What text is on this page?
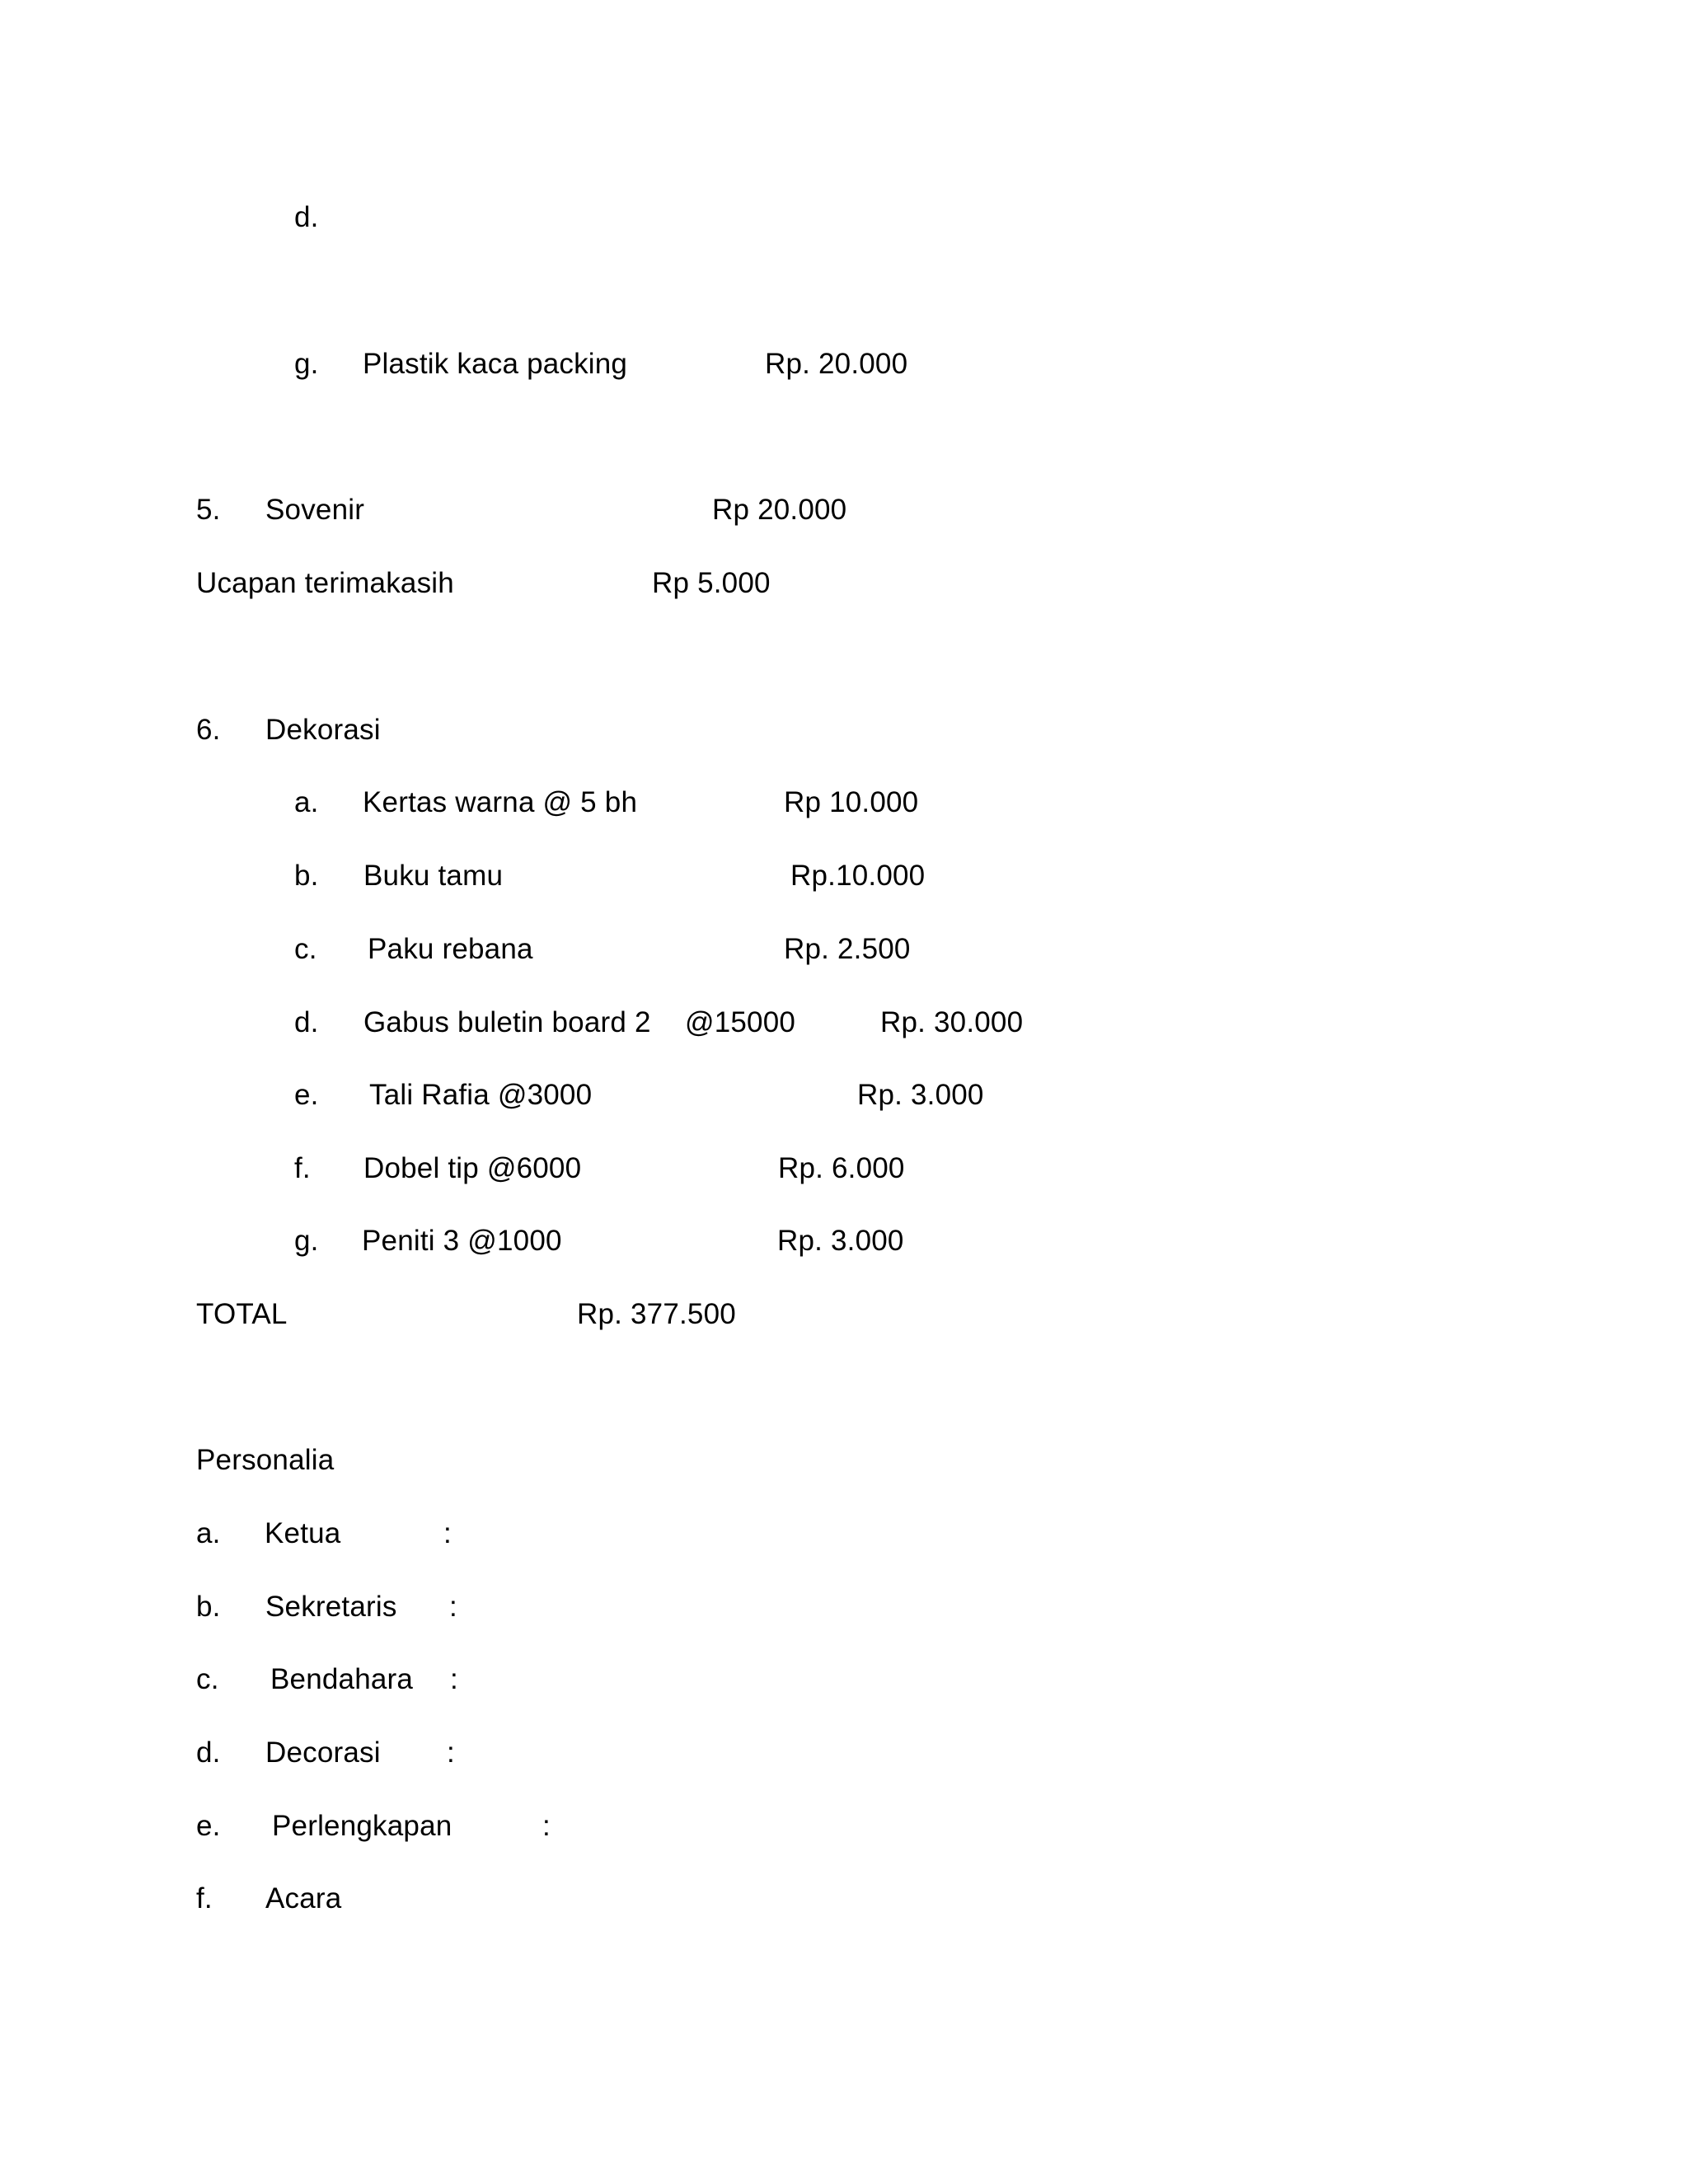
d.
g. Plastik kaca packing	Rp. 20.000
5. Sovenir	Rp 20.000
Ucapan terimakasih	Rp 5.000
6. Dekorasi
a. Kertas warna @ 5 bh	Rp 10.000
b. Buku tamu	Rp.10.000
c. Paku rebana	Rp. 2.500
d. Gabus buletin board 2 @15000	Rp. 30.000
e. Tali Rafia @3000	Rp. 3.000
f. Dobel tip @6000	Rp. 6.000
g. Peniti 3 @1000	Rp. 3.000
TOTAL	Rp. 377.500
Personalia
a. Ketua	:
b. Sekretaris :
c. Bendahara :
d. Decorasi :
e. Perlengkapan	:
f. Acara
